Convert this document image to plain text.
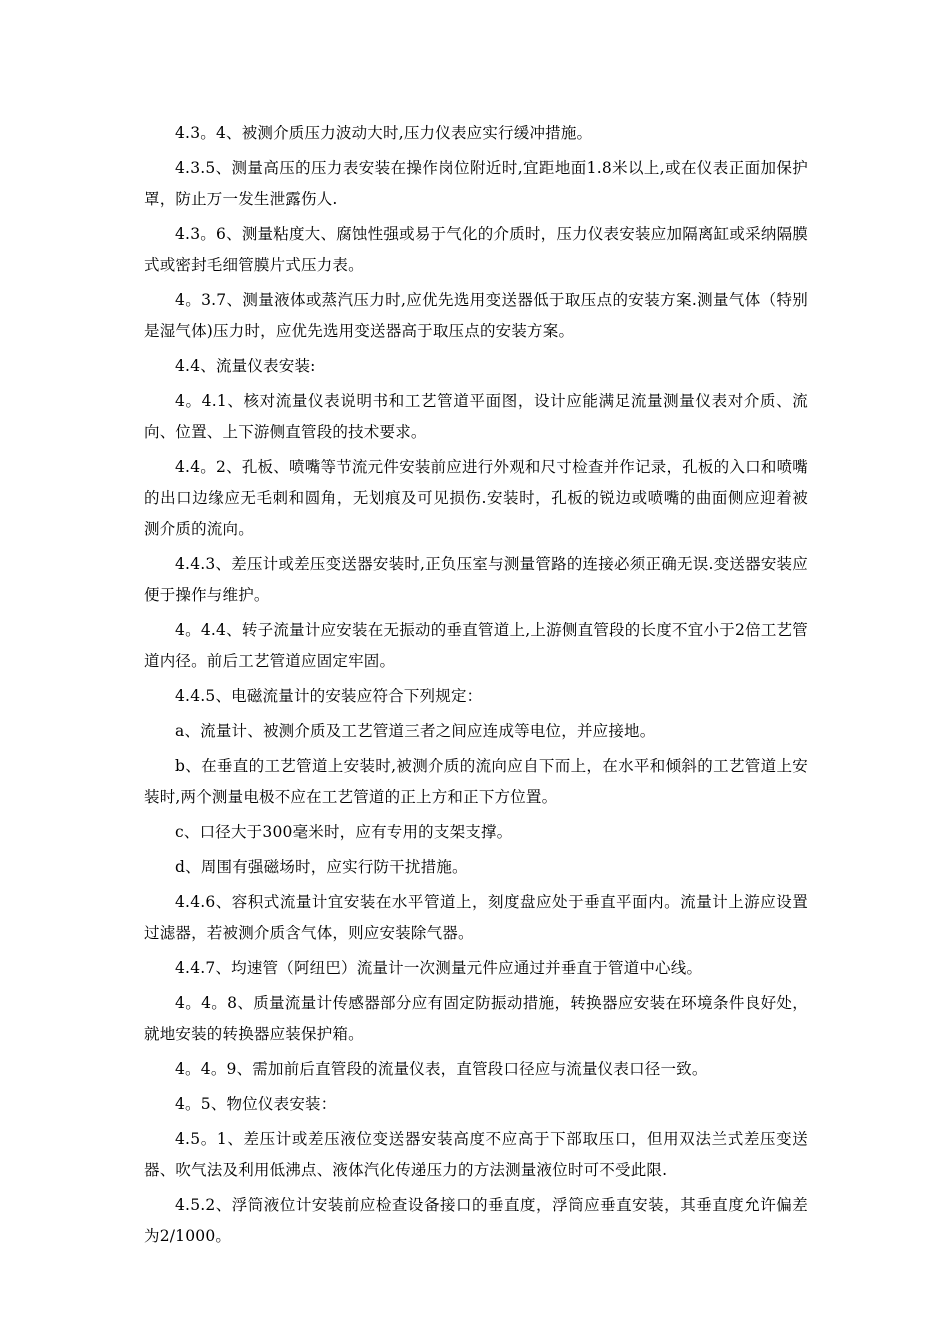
4.3。4、被测介质压力波动大时,压力仪表应实行缓冲措施。

4.3.5、测量高压的压力表安装在操作岗位附近时,宜距地面1.8米以上,或在仪表正面加保护罩，防止万一发生泄露伤人.

4.3。6、测量粘度大、腐蚀性强或易于气化的介质时，压力仪表安装应加隔离缸或采纳隔膜式或密封毛细管膜片式压力表。

4。3.7、测量液体或蒸汽压力时,应优先选用变送器低于取压点的安装方案.测量气体（特别是湿气体)压力时，应优先选用变送器高于取压点的安装方案。

4.4、流量仪表安装:

4。4.1、核对流量仪表说明书和工艺管道平面图，设计应能满足流量测量仪表对介质、流向、位置、上下游侧直管段的技术要求。

4.4。2、孔板、喷嘴等节流元件安装前应进行外观和尺寸检查并作记录，孔板的入口和喷嘴的出口边缘应无毛刺和圆角，无划痕及可见损伤.安装时，孔板的锐边或喷嘴的曲面侧应迎着被测介质的流向。

4.4.3、差压计或差压变送器安装时,正负压室与测量管路的连接必须正确无误.变送器安装应便于操作与维护。

4。4.4、转子流量计应安装在无振动的垂直管道上,上游侧直管段的长度不宜小于2倍工艺管道内径。前后工艺管道应固定牢固。

4.4.5、电磁流量计的安装应符合下列规定：

a、流量计、被测介质及工艺管道三者之间应连成等电位，并应接地。

b、在垂直的工艺管道上安装时,被测介质的流向应自下而上，在水平和倾斜的工艺管道上安装时,两个测量电极不应在工艺管道的正上方和正下方位置。

c、口径大于300毫米时，应有专用的支架支撑。

d、周围有强磁场时，应实行防干扰措施。

4.4.6、容积式流量计宜安装在水平管道上，刻度盘应处于垂直平面内。流量计上游应设置过滤器，若被测介质含气体，则应安装除气器。

4.4.7、均速管（阿纽巴）流量计一次测量元件应通过并垂直于管道中心线。

4。4。8、质量流量计传感器部分应有固定防振动措施，转换器应安装在环境条件良好处，就地安装的转换器应装保护箱。

4。4。9、需加前后直管段的流量仪表，直管段口径应与流量仪表口径一致。

4。5、物位仪表安装：

4.5。1、差压计或差压液位变送器安装高度不应高于下部取压口，但用双法兰式差压变送器、吹气法及利用低沸点、液体汽化传递压力的方法测量液位时可不受此限.

4.5.2、浮筒液位计安装前应检查设备接口的垂直度，浮筒应垂直安装，其垂直度允许偏差为2/1000。
